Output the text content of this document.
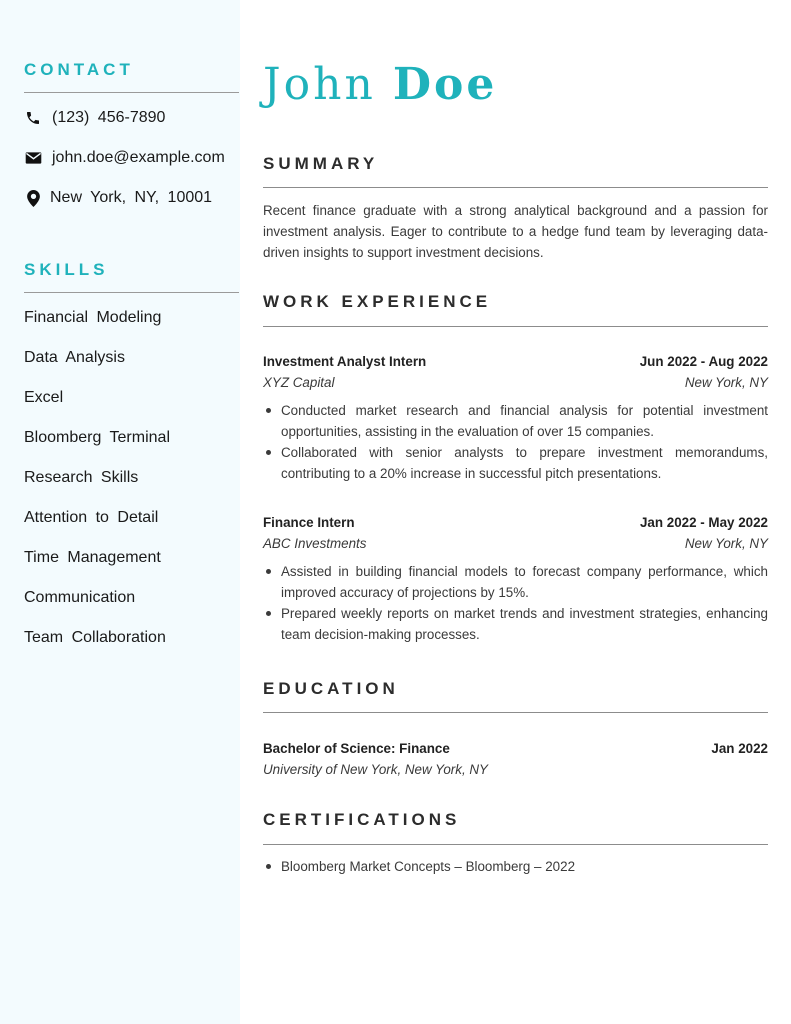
CONTACT
(123) 456-7890
john.doe@example.com
New York, NY, 10001
SKILLS
Financial Modeling
Data Analysis
Excel
Bloomberg Terminal
Research Skills
Attention to Detail
Time Management
Communication
Team Collaboration
John Doe
SUMMARY
Recent finance graduate with a strong analytical background and a passion for investment analysis. Eager to contribute to a hedge fund team by leveraging data-driven insights to support investment decisions.
WORK EXPERIENCE
Investment Analyst Intern	Jun 2022 - Aug 2022
XYZ Capital	New York, NY
Conducted market research and financial analysis for potential investment opportunities, assisting in the evaluation of over 15 companies.
Collaborated with senior analysts to prepare investment memorandums, contributing to a 20% increase in successful pitch presentations.
Finance Intern	Jan 2022 - May 2022
ABC Investments	New York, NY
Assisted in building financial models to forecast company performance, which improved accuracy of projections by 15%.
Prepared weekly reports on market trends and investment strategies, enhancing team decision-making processes.
EDUCATION
Bachelor of Science: Finance	Jan 2022
University of New York, New York, NY
CERTIFICATIONS
Bloomberg Market Concepts – Bloomberg – 2022
